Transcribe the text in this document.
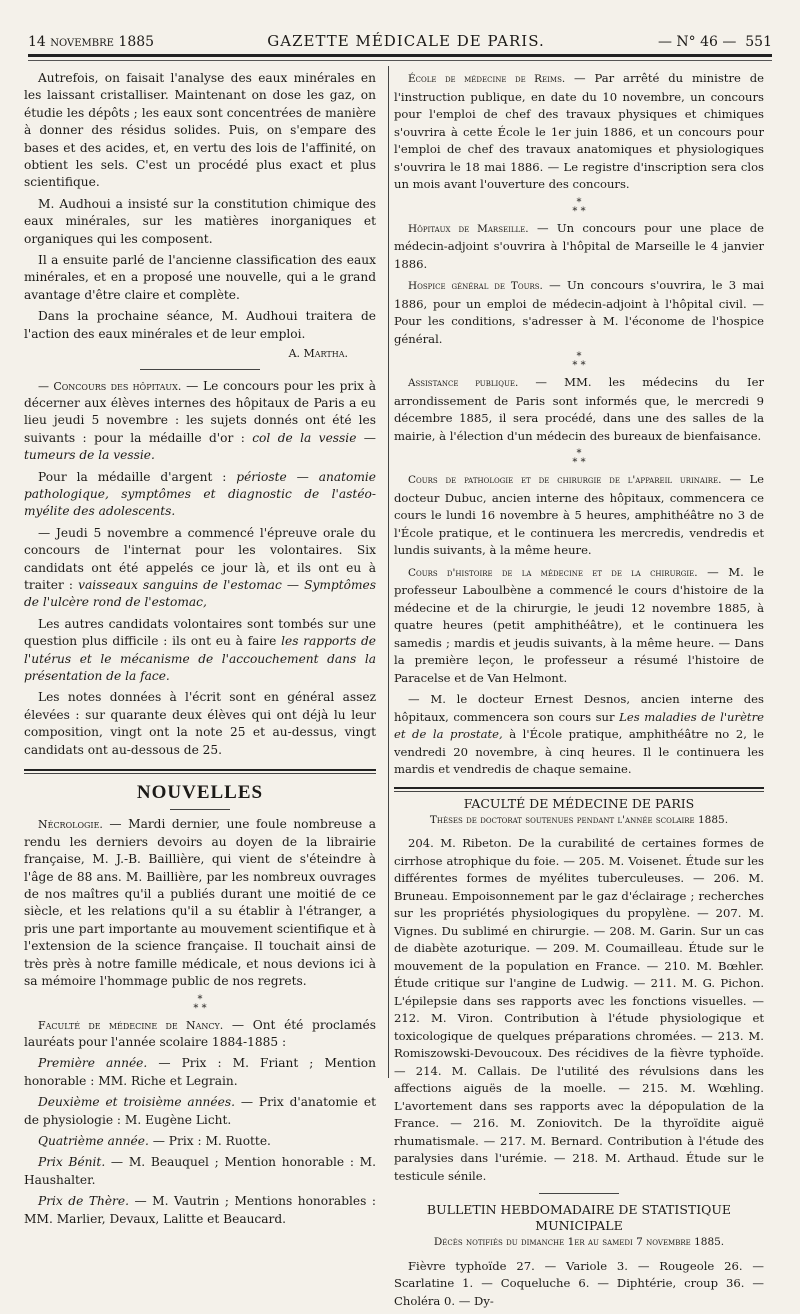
14 novembre 1885	GAZETTE MÉDICALE DE PARIS.	— N° 46 — 551

Autrefois, on faisait l'analyse des eaux minérales en les laissant cristalliser. Maintenant on dose les gaz, on étudie les dépôts ; les eaux sont concentrées de manière à donner des résidus solides. Puis, on s'empare des bases et des acides, et, en vertu des lois de l'affinité, on obtient les sels. C'est un procédé plus exact et plus scientifique.

M. Audhoui a insisté sur la constitution chimique des eaux minérales, sur les matières inorganiques et organiques qui les composent.

Il a ensuite parlé de l'ancienne classification des eaux minérales, et en a proposé une nouvelle, qui a le grand avantage d'être claire et complète.

Dans la prochaine séance, M. Audhoui traitera de l'action des eaux minérales et de leur emploi.

A. Martha.

— Concours des hôpitaux. — Le concours pour les prix à décerner aux élèves internes des hôpitaux de Paris a eu lieu jeudi 5 novembre : les sujets donnés ont été les suivants : pour la médaille d'or : col de la vessie — tumeurs de la vessie.

Pour la médaille d'argent : périoste — anatomie pathologique, symptômes et diagnostic de l'astéo-myélite des adolescents.

— Jeudi 5 novembre a commencé l'épreuve orale du concours de l'internat pour les volontaires. Six candidats ont été appelés ce jour là, et ils ont eu à traiter : vaisseaux sanguins de l'estomac — Symptômes de l'ulcère rond de l'estomac,

Les autres candidats volontaires sont tombés sur une question plus difficile : ils ont eu à faire les rapports de l'utérus et le mécanisme de l'accouchement dans la présentation de la face.

Les notes données à l'écrit sont en général assez élevées : sur quarante deux élèves qui ont déjà lu leur composition, vingt ont la note 25 et au-dessus, vingt candidats ont au-dessous de 25.

NOUVELLES

Nécrologie. — Mardi dernier, une foule nombreuse a rendu les derniers devoirs au doyen de la librairie française, M. J.-B. Baillière, qui vient de s'éteindre à l'âge de 88 ans. M. Baillière, par les nombreux ouvrages de nos maîtres qu'il a publiés durant une moitié de ce siècle, et les relations qu'il a su établir à l'étranger, a pris une part importante au mouvement scientifique et à l'extension de la science française. Il touchait ainsi de très près à notre famille médicale, et nous devions ici à sa mémoire l'hommage public de nos regrets.

*
* *

Faculté de médecine de Nancy. — Ont été proclamés lauréats pour l'année scolaire 1884-1885 :

Première année. — Prix : M. Friant ; Mention honorable : MM. Riche et Legrain.

Deuxième et troisième années. — Prix d'anatomie et de physiologie : M. Eugène Licht.

Quatrième année. — Prix : M. Ruotte.

Prix Bénit. — M. Beauquel ; Mention honorable : M. Haushalter.

Prix de Thère. — M. Vautrin ; Mentions honorables : MM. Marlier, Devaux, Lalitte et Beaucard.

École de médecine de Reims. — Par arrêté du ministre de l'instruction publique, en date du 10 novembre, un concours pour l'emploi de chef des travaux physiques et chimiques s'ouvrira à cette École le 1er juin 1886, et un concours pour l'emploi de chef des travaux anatomiques et physiologiques s'ouvrira le 18 mai 1886. — Le registre d'inscription sera clos un mois avant l'ouverture des concours.

*
* *

Hôpitaux de Marseille. — Un concours pour une place de médecin-adjoint s'ouvrira à l'hôpital de Marseille le 4 janvier 1886.

Hospice général de Tours. — Un concours s'ouvrira, le 3 mai 1886, pour un emploi de médecin-adjoint à l'hôpital civil. — Pour les conditions, s'adresser à M. l'économe de l'hospice général.

*
* *

Assistance publique. — MM. les médecins du Ier arrondissement de Paris sont informés que, le mercredi 9 décembre 1885, il sera procédé, dans une des salles de la mairie, à l'élection d'un médecin des bureaux de bienfaisance.

*
* *

Cours de pathologie et de chirurgie de l'appareil urinaire. — Le docteur Dubuc, ancien interne des hôpitaux, commencera ce cours le lundi 16 novembre à 5 heures, amphithéâtre no 3 de l'École pratique, et le continuera les mercredis, vendredis et lundis suivants, à la même heure.

Cours d'histoire de la médecine et de la chirurgie. — M. le professeur Laboulbène a commencé le cours d'histoire de la médecine et de la chirurgie, le jeudi 12 novembre 1885, à quatre heures (petit amphithéâtre), et le continuera les samedis ; mardis et jeudis suivants, à la même heure. — Dans la première leçon, le professeur a résumé l'histoire de Paracelse et de Van Helmont.

— M. le docteur Ernest Desnos, ancien interne des hôpitaux, commencera son cours sur Les maladies de l'urètre et de la prostate, à l'École pratique, amphithéâtre no 2, le vendredi 20 novembre, à cinq heures. Il le continuera les mardis et vendredis de chaque semaine.

FACULTÉ DE MÉDECINE DE PARIS
Thèses de doctorat soutenues pendant l'année scolaire 1885.

204. M. Ribeton. De la curabilité de certaines formes de cirrhose atrophique du foie. — 205. M. Voisenet. Étude sur les différentes formes de myélites tuberculeuses. — 206. M. Bruneau. Empoisonnement par le gaz d'éclairage ; recherches sur les propriétés physiologiques du propylène. — 207. M. Vignes. Du sublimé en chirurgie. — 208. M. Garin. Sur un cas de diabète azoturique. — 209. M. Coumailleau. Étude sur le mouvement de la population en France. — 210. M. Bœhler. Étude critique sur l'angine de Ludwig. — 211. M. G. Pichon. L'épilepsie dans ses rapports avec les fonctions visuelles. — 212. M. Viron. Contribution à l'étude physiologique et toxicologique de quelques préparations chromées. — 213. M. Romiszowski-Devoucoux. Des récidives de la fièvre typhoïde. — 214. M. Callais. De l'utilité des révulsions dans les affections aiguës de la moelle. — 215. M. Wœhling. L'avortement dans ses rapports avec la dépopulation de la France. — 216. M. Zoniovitch. De la thyroïdite aiguë rhumatismale. — 217. M. Bernard. Contribution à l'étude des paralysies dans l'urémie. — 218. M. Arthaud. Étude sur le testicule sénile.

BULLETIN HEBDOMADAIRE DE STATISTIQUE MUNICIPALE
Décès notifiés du dimanche 1er au samedi 7 novembre 1885.

Fièvre typhoïde 27. — Variole 3. — Rougeole 26. — Scarlatine 1. — Coqueluche 6. — Diphtérie, croup 36. — Choléra 0. — Dy-
